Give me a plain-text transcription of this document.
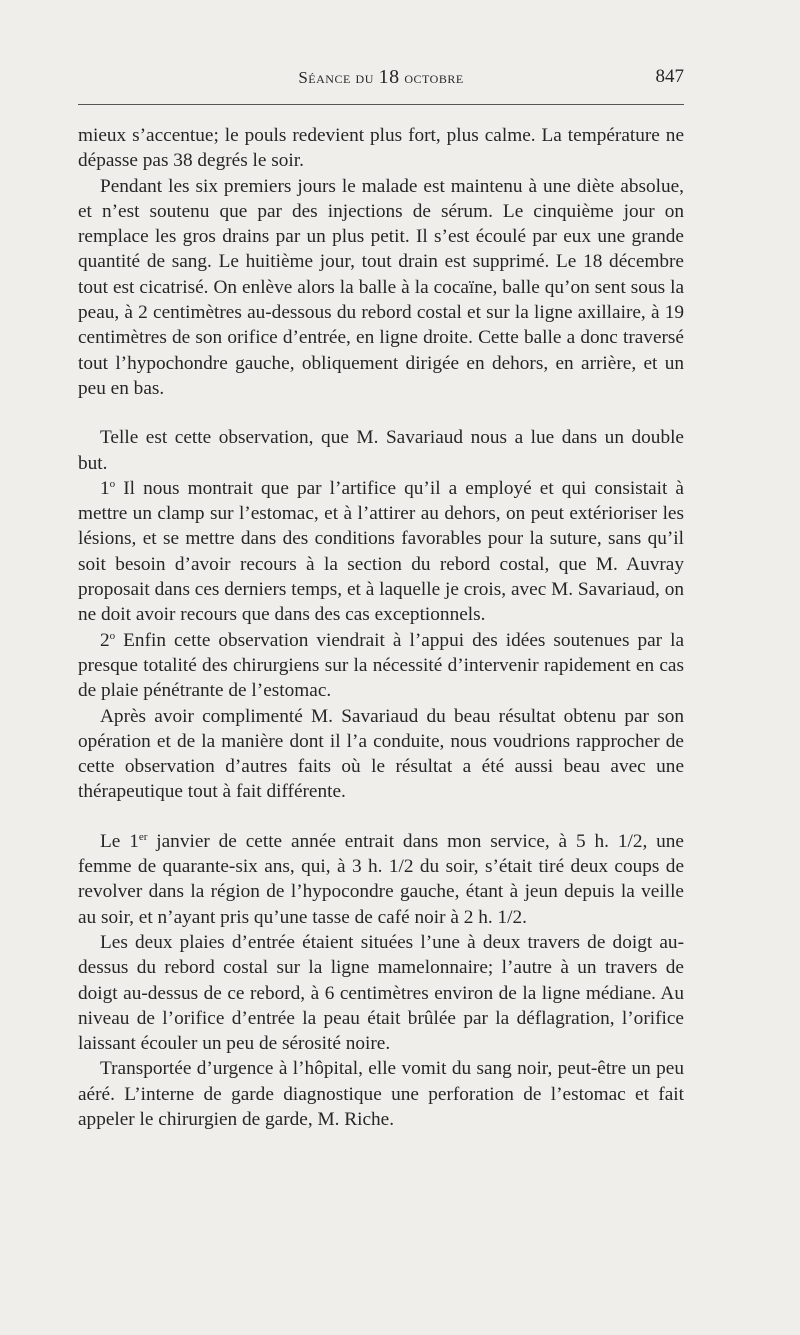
Séance du 18 octobre	847

mieux s’accentue; le pouls redevient plus fort, plus calme. La température ne dépasse pas 38 degrés le soir.

Pendant les six premiers jours le malade est maintenu à une diète absolue, et n’est soutenu que par des injections de sérum. Le cinquième jour on remplace les gros drains par un plus petit. Il s’est écoulé par eux une grande quantité de sang. Le huitième jour, tout drain est supprimé. Le 18 décembre tout est cicatrisé. On enlève alors la balle à la cocaïne, balle qu’on sent sous la peau, à 2 centimètres au-dessous du rebord costal et sur la ligne axillaire, à 19 centimètres de son orifice d’entrée, en ligne droite. Cette balle a donc traversé tout l’hypochondre gauche, obliquement dirigée en dehors, en arrière, et un peu en bas.

Telle est cette observation, que M. Savariaud nous a lue dans un double but.

1$^o$ Il nous montrait que par l’artifice qu’il a employé et qui consistait à mettre un clamp sur l’estomac, et à l’attirer au dehors, on peut extérioriser les lésions, et se mettre dans des conditions favorables pour la suture, sans qu’il soit besoin d’avoir recours à la section du rebord costal, que M. Auvray proposait dans ces derniers temps, et à laquelle je crois, avec M. Savariaud, on ne doit avoir recours que dans des cas exceptionnels.

2$^o$ Enfin cette observation viendrait à l’appui des idées soutenues par la presque totalité des chirurgiens sur la nécessité d’intervenir rapidement en cas de plaie pénétrante de l’estomac.

Après avoir complimenté M. Savariaud du beau résultat obtenu par son opération et de la manière dont il l’a conduite, nous voudrions rapprocher de cette observation d’autres faits où le résultat a été aussi beau avec une thérapeutique tout à fait différente.

Le 1er janvier de cette année entrait dans mon service, à 5 h. 1/2, une femme de quarante-six ans, qui, à 3 h. 1/2 du soir, s’était tiré deux coups de revolver dans la région de l’hypocondre gauche, étant à jeun depuis la veille au soir, et n’ayant pris qu’une tasse de café noir à 2 h. 1/2.

Les deux plaies d’entrée étaient situées l’une à deux travers de doigt au-dessus du rebord costal sur la ligne mamelonnaire; l’autre à un travers de doigt au-dessus de ce rebord, à 6 centimètres environ de la ligne médiane. Au niveau de l’orifice d’entrée la peau était brûlée par la déflagration, l’orifice laissant écouler un peu de sérosité noire.

Transportée d’urgence à l’hôpital, elle vomit du sang noir, peut-être un peu aéré. L’interne de garde diagnostique une perforation de l’estomac et fait appeler le chirurgien de garde, M. Riche.
